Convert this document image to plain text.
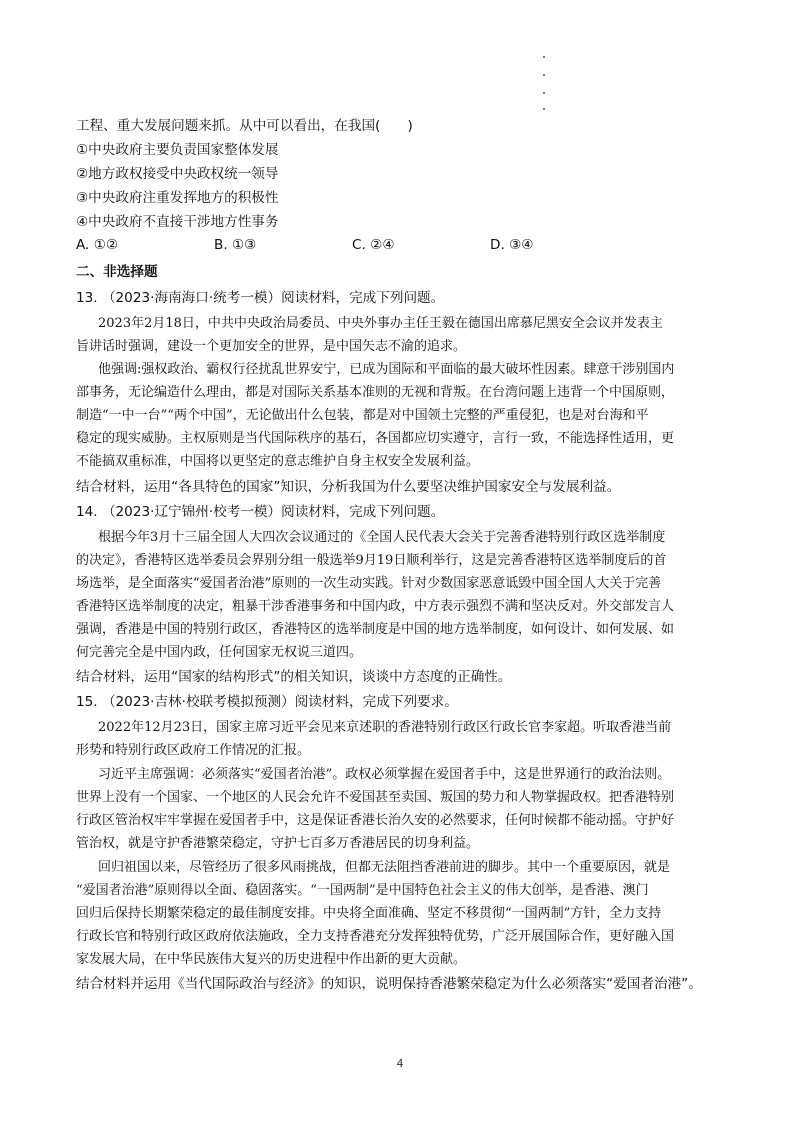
工程、重大发展问题来抓。从中可以看出，在我国(　　)
①中央政府主要负责国家整体发展
②地方政权接受中央政权统一领导
③中央政府注重发挥地方的积极性
④中央政府不直接干涉地方性事务
A. ①②	B. ①③	C. ②④	D. ③④
二、非选择题
13. （2023·海南海口·统考一模）阅读材料，完成下列问题。
2023年2月18日，中共中央政治局委员、中央外事办主任王毅在德国出席慕尼黑安全会议并发表主
旨讲话时强调，建设一个更加安全的世界，是中国矢志不渝的追求。
他强调:强权政治、霸权行径扰乱世界安宁，已成为国际和平面临的最大破坏性因素。肆意干涉别国内
部事务，无论编造什么理由，都是对国际关系基本准则的无视和背叛。在台湾问题上违背一个中国原则，
制造“一中一台”“两个中国”，无论做出什么包装，都是对中国领土完整的严重侵犯，也是对台海和平
稳定的现实威胁。主权原则是当代国际秩序的基石，各国都应切实遵守，言行一致，不能选择性适用，更
不能搞双重标准，中国将以更坚定的意志维护自身主权安全发展利益。
结合材料，运用“各具特色的国家”知识，分析我国为什么要坚决维护国家安全与发展利益。
14. （2023·辽宁锦州·校考一模）阅读材料，完成下列问题。
根据今年3月十三届全国人大四次会议通过的《全国人民代表大会关于完善香港特别行政区选举制度
的决定》，香港特区选举委员会界别分组一般选举9月19日顺利举行，这是完善香港特区选举制度后的首
场选举，是全面落实“爱国者治港”原则的一次生动实践。针对少数国家恶意诋毁中国全国人大关于完善
香港特区选举制度的决定，粗暴干涉香港事务和中国内政，中方表示强烈不满和坚决反对。外交部发言人
强调，香港是中国的特别行政区，香港特区的选举制度是中国的地方选举制度，如何设计、如何发展、如
何完善完全是中国内政，任何国家无权说三道四。
结合材料，运用“国家的结构形式”的相关知识，谈谈中方态度的正确性。
15. （2023·吉林·校联考模拟预测）阅读材料，完成下列要求。
2022年12月23日，国家主席习近平会见来京述职的香港特别行政区行政长官李家超。听取香港当前
形势和特别行政区政府工作情况的汇报。
习近平主席强调：必须落实“爱国者治港”。政权必须掌握在爱国者手中，这是世界通行的政治法则。
世界上没有一个国家、一个地区的人民会允许不爱国甚至卖国、叛国的势力和人物掌握政权。把香港特别
行政区管治权牢牢掌握在爱国者手中，这是保证香港长治久安的必然要求，任何时候都不能动摇。守护好
管治权，就是守护香港繁荣稳定，守护七百多万香港居民的切身利益。
回归祖国以来，尽管经历了很多风雨挑战，但都无法阻挡香港前进的脚步。其中一个重要原因，就是
“爱国者治港”原则得以全面、稳固落实。“一国两制”是中国特色社会主义的伟大创举，是香港、澳门
回归后保持长期繁荣稳定的最佳制度安排。中央将全面准确、坚定不移贯彻“一国两制”方针，全力支持
行政长官和特别行政区政府依法施政，全力支持香港充分发挥独特优势，广泛开展国际合作，更好融入国
家发展大局，在中华民族伟大复兴的历史进程中作出新的更大贡献。
结合材料并运用《当代国际政治与经济》的知识，说明保持香港繁荣稳定为什么必须落实“爱国者治港”。
4
